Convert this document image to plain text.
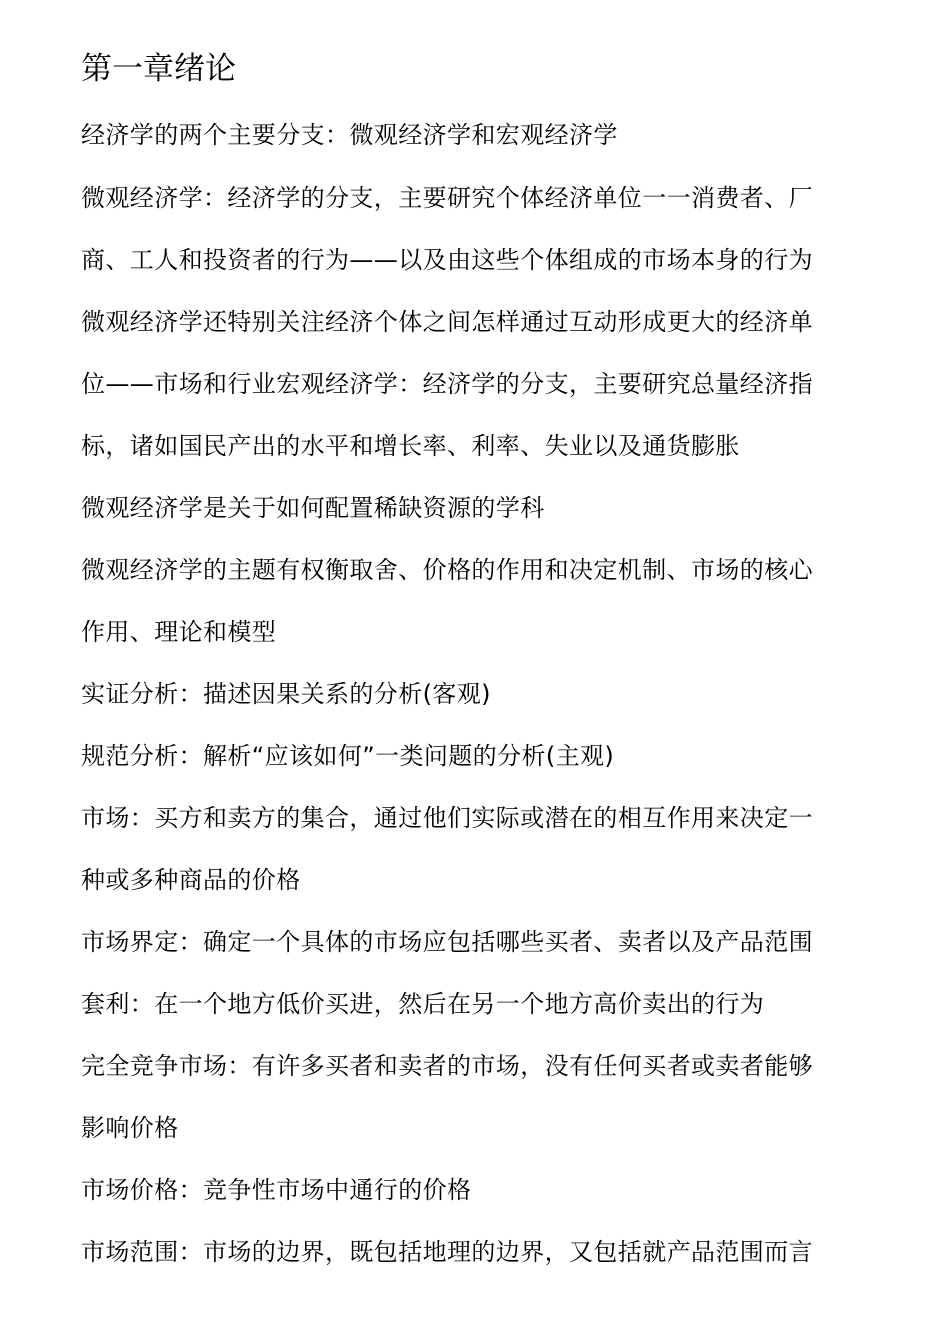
第一章绪论
经济学的两个主要分支：微观经济学和宏观经济学
微观经济学：经济学的分支，主要研究个体经济单位一一消费者、厂
商、工人和投资者的行为——以及由这些个体组成的市场本身的行为
微观经济学还特别关注经济个体之间怎样通过互动形成更大的经济单
位——市场和行业宏观经济学：经济学的分支，主要研究总量经济指
标，诸如国民产出的水平和增长率、利率、失业以及通货膨胀
微观经济学是关于如何配置稀缺资源的学科
微观经济学的主题有权衡取舍、价格的作用和决定机制、市场的核心
作用、理论和模型
实证分析：描述因果关系的分析(客观)
规范分析：解析“应该如何”一类问题的分析(主观)
市场：买方和卖方的集合，通过他们实际或潜在的相互作用来决定一
种或多种商品的价格
市场界定：确定一个具体的市场应包括哪些买者、卖者以及产品范围
套利：在一个地方低价买进，然后在另一个地方高价卖出的行为
完全竞争市场：有许多买者和卖者的市场，没有任何买者或卖者能够
影响价格
市场价格：竞争性市场中通行的价格
市场范围：市场的边界，既包括地理的边界，又包括就产品范围而言
